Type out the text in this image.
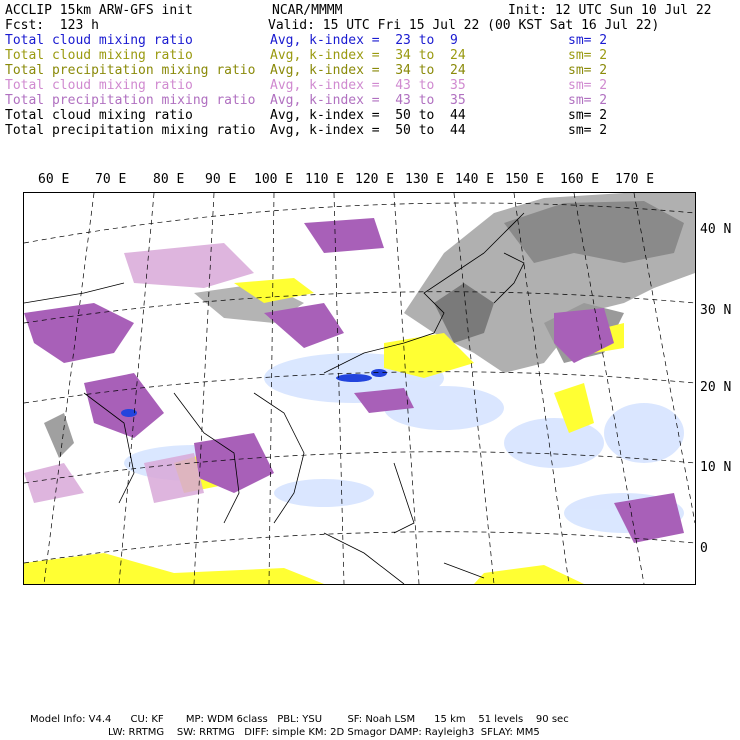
ACCLIP 15km ARW-GFS init	NCAR/MMMM	Init: 12 UTC Sun 10 Jul 22
Fcst:  123 h	Valid: 15 UTC Fri 15 Jul 22 (00 KST Sat 16 Jul 22)
Total cloud mixing ratio	Avg, k-index =  23 to  9	sm= 2
Total cloud mixing ratio	Avg, k-index =  34 to  24	sm= 2
Total precipitation mixing ratio Avg, k-index =  34 to  24	sm= 2
Total cloud mixing ratio	Avg, k-index =  43 to  35	sm= 2
Total precipitation mixing ratio Avg, k-index =  43 to  35	sm= 2
Total cloud mixing ratio	Avg, k-index =  50 to  44	sm= 2
Total precipitation mixing ratio Avg, k-index =  50 to  44	sm= 2
60 E 70 E 80 E 90 E 100 E 110 E 120 E 130 E 140 E 150 E 160 E 170 E
40 N
30 N
20 N
10 N
0
Model Info: V4.4      CU: KF       MP: WDM 6class   PBL: YSU        SF: Noah LSM      15 km    51 levels    90 sec
LW: RRTMG    SW: RRTMG   DIFF: simple KM: 2D Smagor DAMP: Rayleigh3  SFLAY: MM5
